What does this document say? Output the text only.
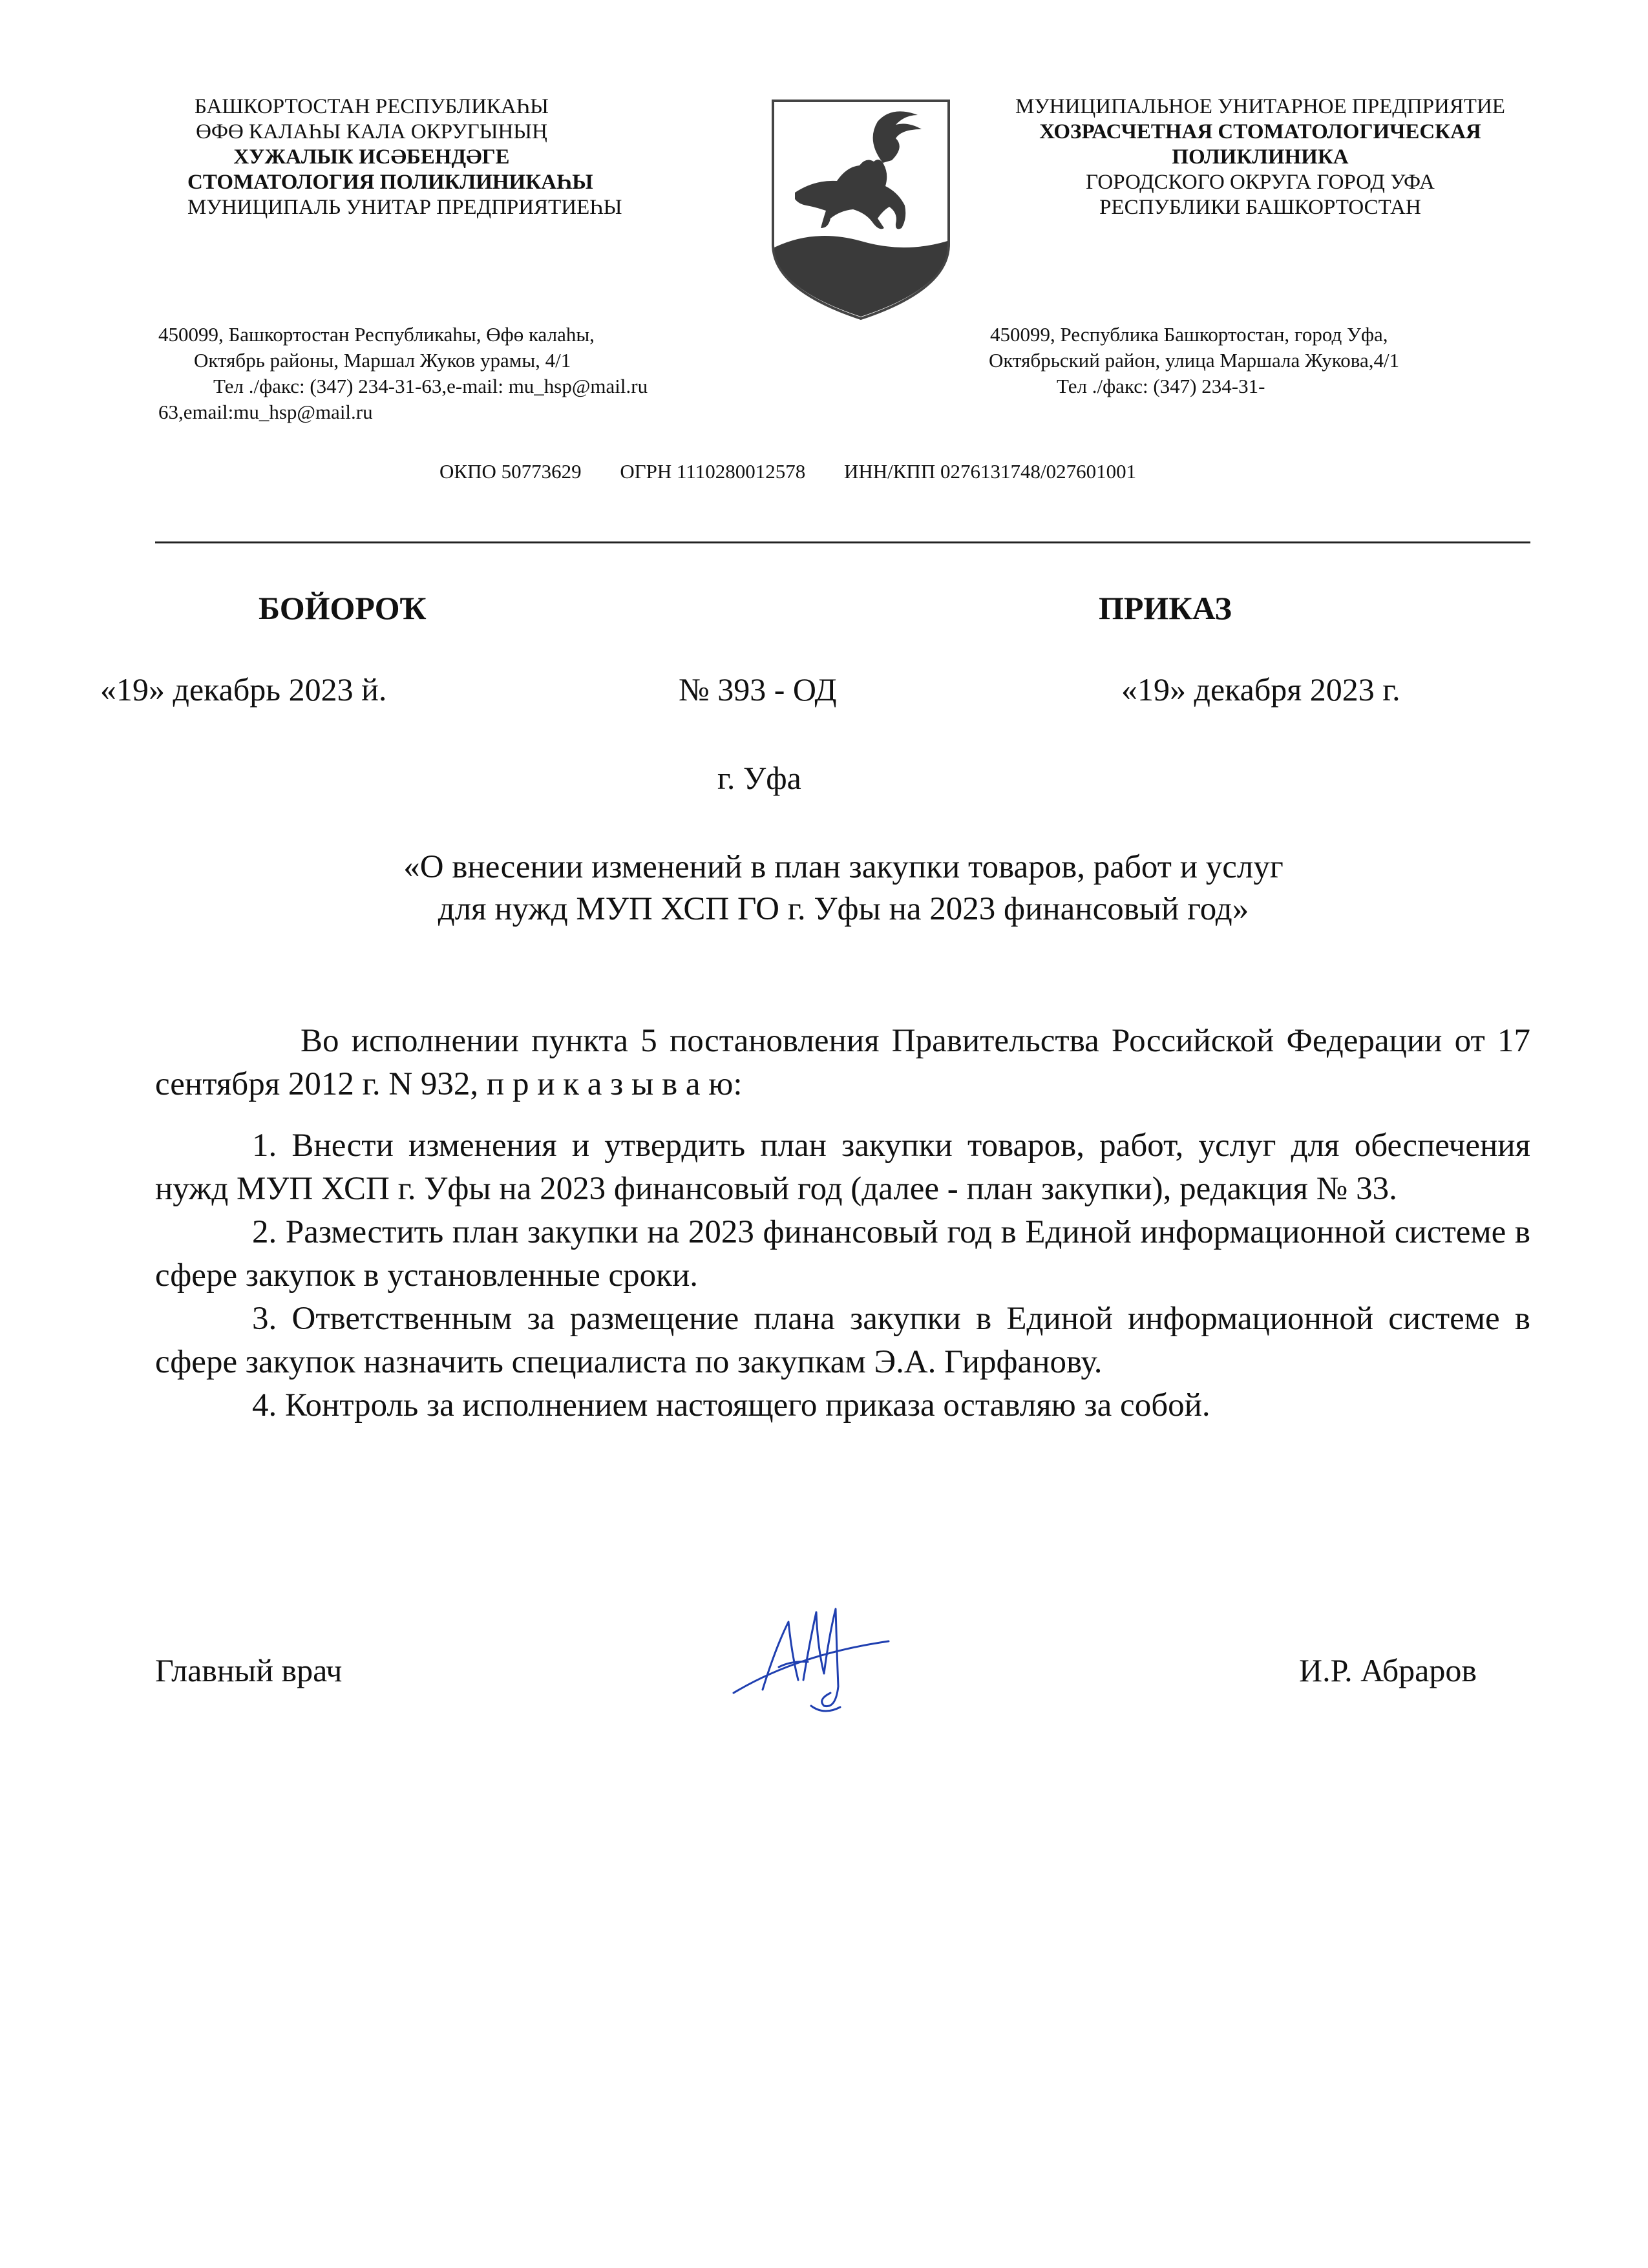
БАШКОРТОСТАН РЕСПУБЛИКАҺЫ
ӨФӨ КАЛАҺЫ КАЛА ОКРУГЫНЫҢ
ХУЖАЛЫК ИСӘБЕНДӘГЕ
СТОМАТОЛОГИЯ ПОЛИКЛИНИКАҺЫ
МУНИЦИПАЛЬ УНИТАР ПРЕДПРИЯТИЕҺЫ
МУНИЦИПАЛЬНОЕ УНИТАРНОЕ ПРЕДПРИЯТИЕ
ХОЗРАСЧЕТНАЯ СТОМАТОЛОГИЧЕСКАЯ
ПОЛИКЛИНИКА
ГОРОДСКОГО ОКРУГА ГОРОД УФА
РЕСПУБЛИКИ БАШКОРТОСТАН
450099, Башкортостан Республикаһы, Өфө калаһы,
Октябрь районы, Маршал Жуков урамы, 4/1
Тел ./факс: (347) 234-31-63,e-mail: mu_hsp@mail.ru
63,email:mu_hsp@mail.ru
450099, Республика Башкортостан, город Уфа,
Октябрьский район, улица Маршала Жукова,4/1
Тел ./факс: (347) 234-31-
ОКПО 50773629 ОГРН 1110280012578 ИНН/КПП 0276131748/027601001
БОЙОРОҠ	ПРИКАЗ
«19» декабрь 2023 й.	№ 393 - ОД	«19» декабря 2023 г.
г. Уфа
«О внесении изменений в план закупки товаров, работ и услуг
для нужд МУП ХСП ГО г. Уфы на 2023 финансовый год»

Во исполнении пункта 5 постановления Правительства Российской Федерации от 17 сентября 2012 г. N 932, п р и к а з ы в а ю:

1. Внести изменения и утвердить план закупки товаров, работ, услуг для обеспечения нужд МУП ХСП г. Уфы на 2023 финансовый год (далее - план закупки), редакция № 33.

2. Разместить план закупки на 2023 финансовый год в Единой информационной системе в сфере закупок в установленные сроки.

3. Ответственным за размещение плана закупки в Единой информационной системе в сфере закупок назначить специалиста по закупкам Э.А. Гирфанову.

4. Контроль за исполнением настоящего приказа оставляю за собой.

Главный врач	И.Р. Абраров
